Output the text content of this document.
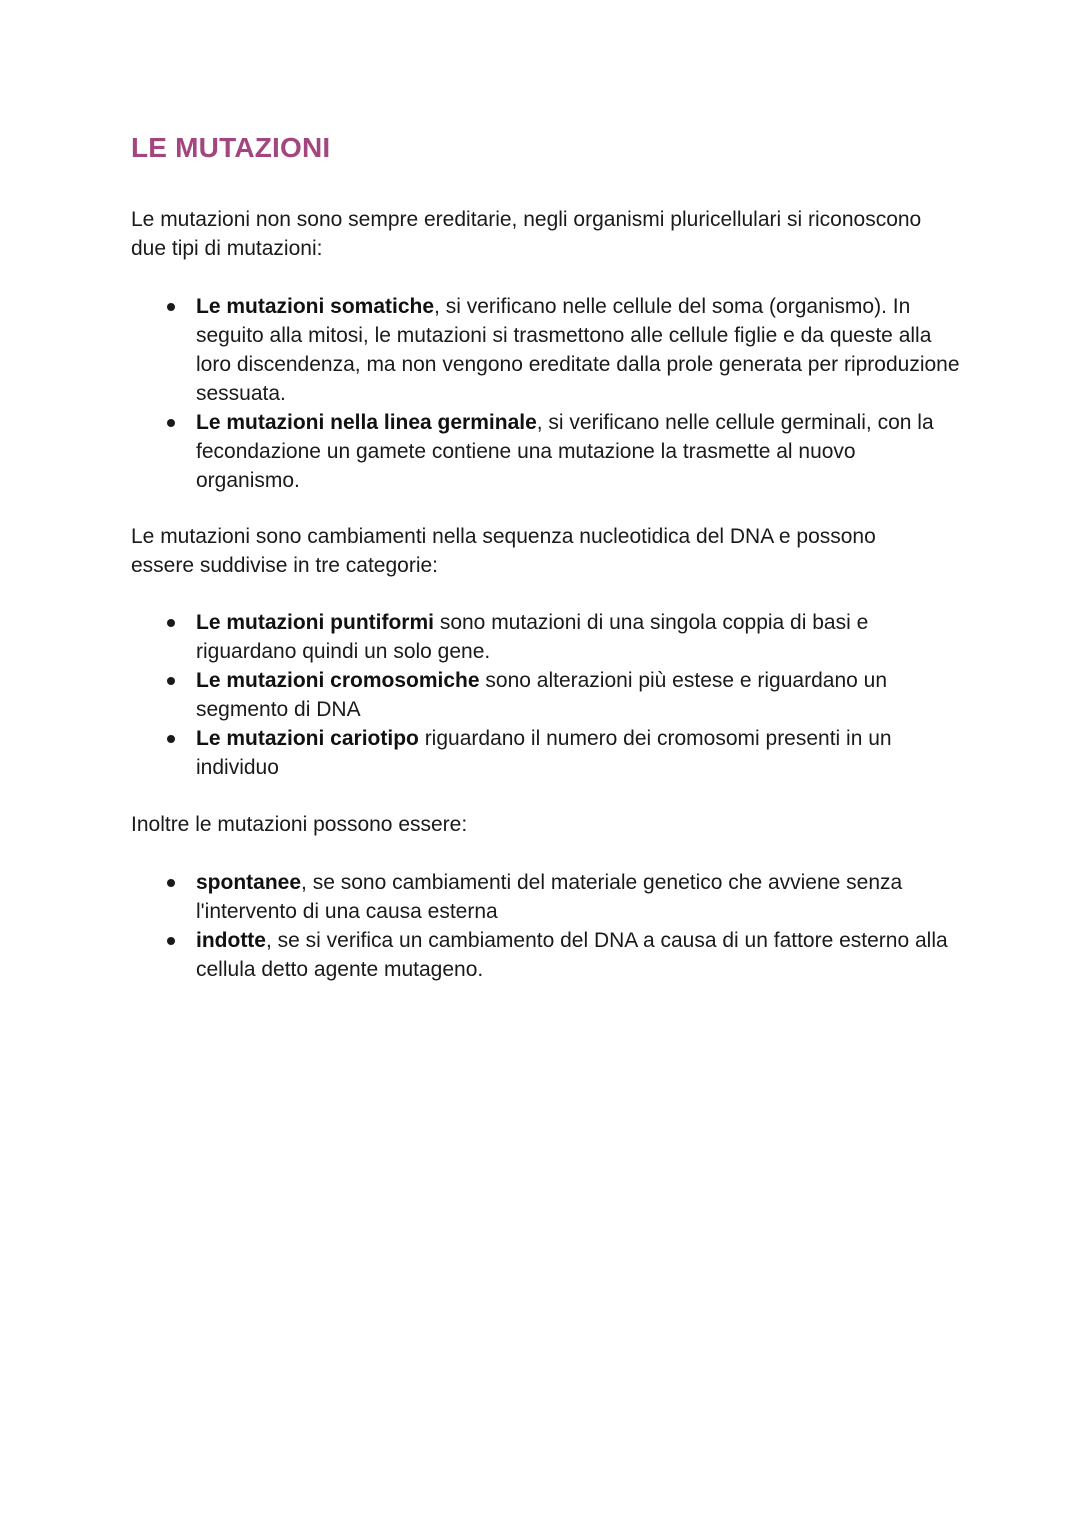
LE MUTAZIONI

Le mutazioni non sono sempre ereditarie, negli organismi pluricellulari si riconoscono due tipi di mutazioni:

Le mutazioni somatiche, si verificano nelle cellule del soma (organismo). In seguito alla mitosi, le mutazioni si trasmettono alle cellule figlie e da queste alla loro discendenza, ma non vengono ereditate dalla prole generata per riproduzione sessuata.
Le mutazioni nella linea germinale, si verificano nelle cellule germinali, con la fecondazione un gamete contiene una mutazione la trasmette al nuovo organismo.

Le mutazioni sono cambiamenti nella sequenza nucleotidica del DNA e possono essere suddivise in tre categorie:

Le mutazioni puntiformi sono mutazioni di una singola coppia di basi e riguardano quindi un solo gene.
Le mutazioni cromosomiche sono alterazioni più estese e riguardano un segmento di DNA
Le mutazioni cariotipo riguardano il numero dei cromosomi presenti in un individuo

Inoltre le mutazioni possono essere:

spontanee, se sono cambiamenti del materiale genetico che avviene senza l'intervento di una causa esterna
indotte, se si verifica un cambiamento del DNA a causa di un fattore esterno alla cellula detto agente mutageno.
